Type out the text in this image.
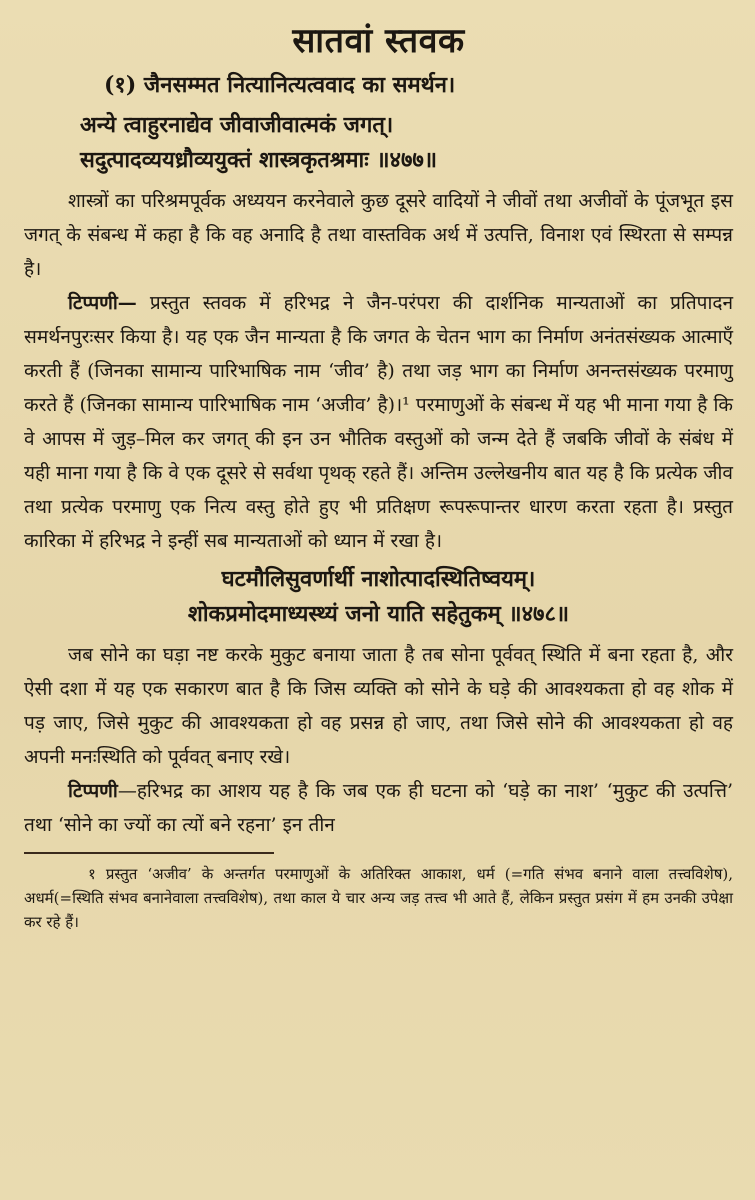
सातवां स्तवक
(१) जैनसम्मत नित्यानित्यत्ववाद का समर्थन।
अन्ये त्वाहुरनाद्येव जीवाजीवात्मकं जगत्।
सदुत्पादव्ययध्रौव्ययुक्तं शास्त्रकृतश्रमाः ॥४७७॥

शास्त्रों का परिश्रमपूर्वक अध्ययन करनेवाले कुछ दूसरे वादियों ने जीवों तथा अजीवों के पूंजभूत इस जगत् के संबन्ध में कहा है कि वह अनादि है तथा वास्तविक अर्थ में उत्पत्ति, विनाश एवं स्थिरता से सम्पन्न है।

टिप्पणी— प्रस्तुत स्तवक में हरिभद्र ने जैन-परंपरा की दार्शनिक मान्यताओं का प्रतिपादन समर्थनपुरःसर किया है। यह एक जैन मान्यता है कि जगत के चेतन भाग का निर्माण अनंतसंख्यक आत्माएँ करती हैं (जिनका सामान्य पारिभाषिक नाम ‘जीव’ है) तथा जड़ भाग का निर्माण अनन्तसंख्यक परमाणु करते हैं (जिनका सामान्य पारिभाषिक नाम ‘अजीव’ है)।¹ परमाणुओं के संबन्ध में यह भी माना गया है कि वे आपस में जुड़–मिल कर जगत् की इन उन भौतिक वस्तुओं को जन्म देते हैं जबकि जीवों के संबंध में यही माना गया है कि वे एक दूसरे से सर्वथा पृथक् रहते हैं। अन्तिम उल्लेखनीय बात यह है कि प्रत्येक जीव तथा प्रत्येक परमाणु एक नित्य वस्तु होते हुए भी प्रतिक्षण रूपरूपान्तर धारण करता रहता है। प्रस्तुत कारिका में हरिभद्र ने इन्हीं सब मान्यताओं को ध्यान में रखा है।

घटमौलिसुवर्णार्थी नाशोत्पादस्थितिष्वयम्।
शोकप्रमोदमाध्यस्थ्यं जनो याति सहेतुकम् ॥४७८॥

जब सोने का घड़ा नष्ट करके मुकुट बनाया जाता है तब सोना पूर्ववत् स्थिति में बना रहता है, और ऐसी दशा में यह एक सकारण बात है कि जिस व्यक्ति को सोने के घड़े की आवश्यकता हो वह शोक में पड़ जाए, जिसे मुकुट की आवश्यकता हो वह प्रसन्न हो जाए, तथा जिसे सोने की आवश्यकता हो वह अपनी मनःस्थिति को पूर्ववत् बनाए रखे।

टिप्पणी—हरिभद्र का आशय यह है कि जब एक ही घटना को ‘घड़े का नाश’ ‘मुकुट की उत्पत्ति’ तथा ‘सोने का ज्यों का त्यों बने रहना’ इन तीन

१ प्रस्तुत ‘अजीव’ के अन्तर्गत परमाणुओं के अतिरिक्त आकाश, धर्म (=गति संभव बनाने वाला तत्त्वविशेष), अधर्म(=स्थिति संभव बनानेवाला तत्त्वविशेष), तथा काल ये चार अन्य जड़ तत्त्व भी आते हैं, लेकिन प्रस्तुत प्रसंग में हम उनकी उपेक्षा कर रहे हैं।
